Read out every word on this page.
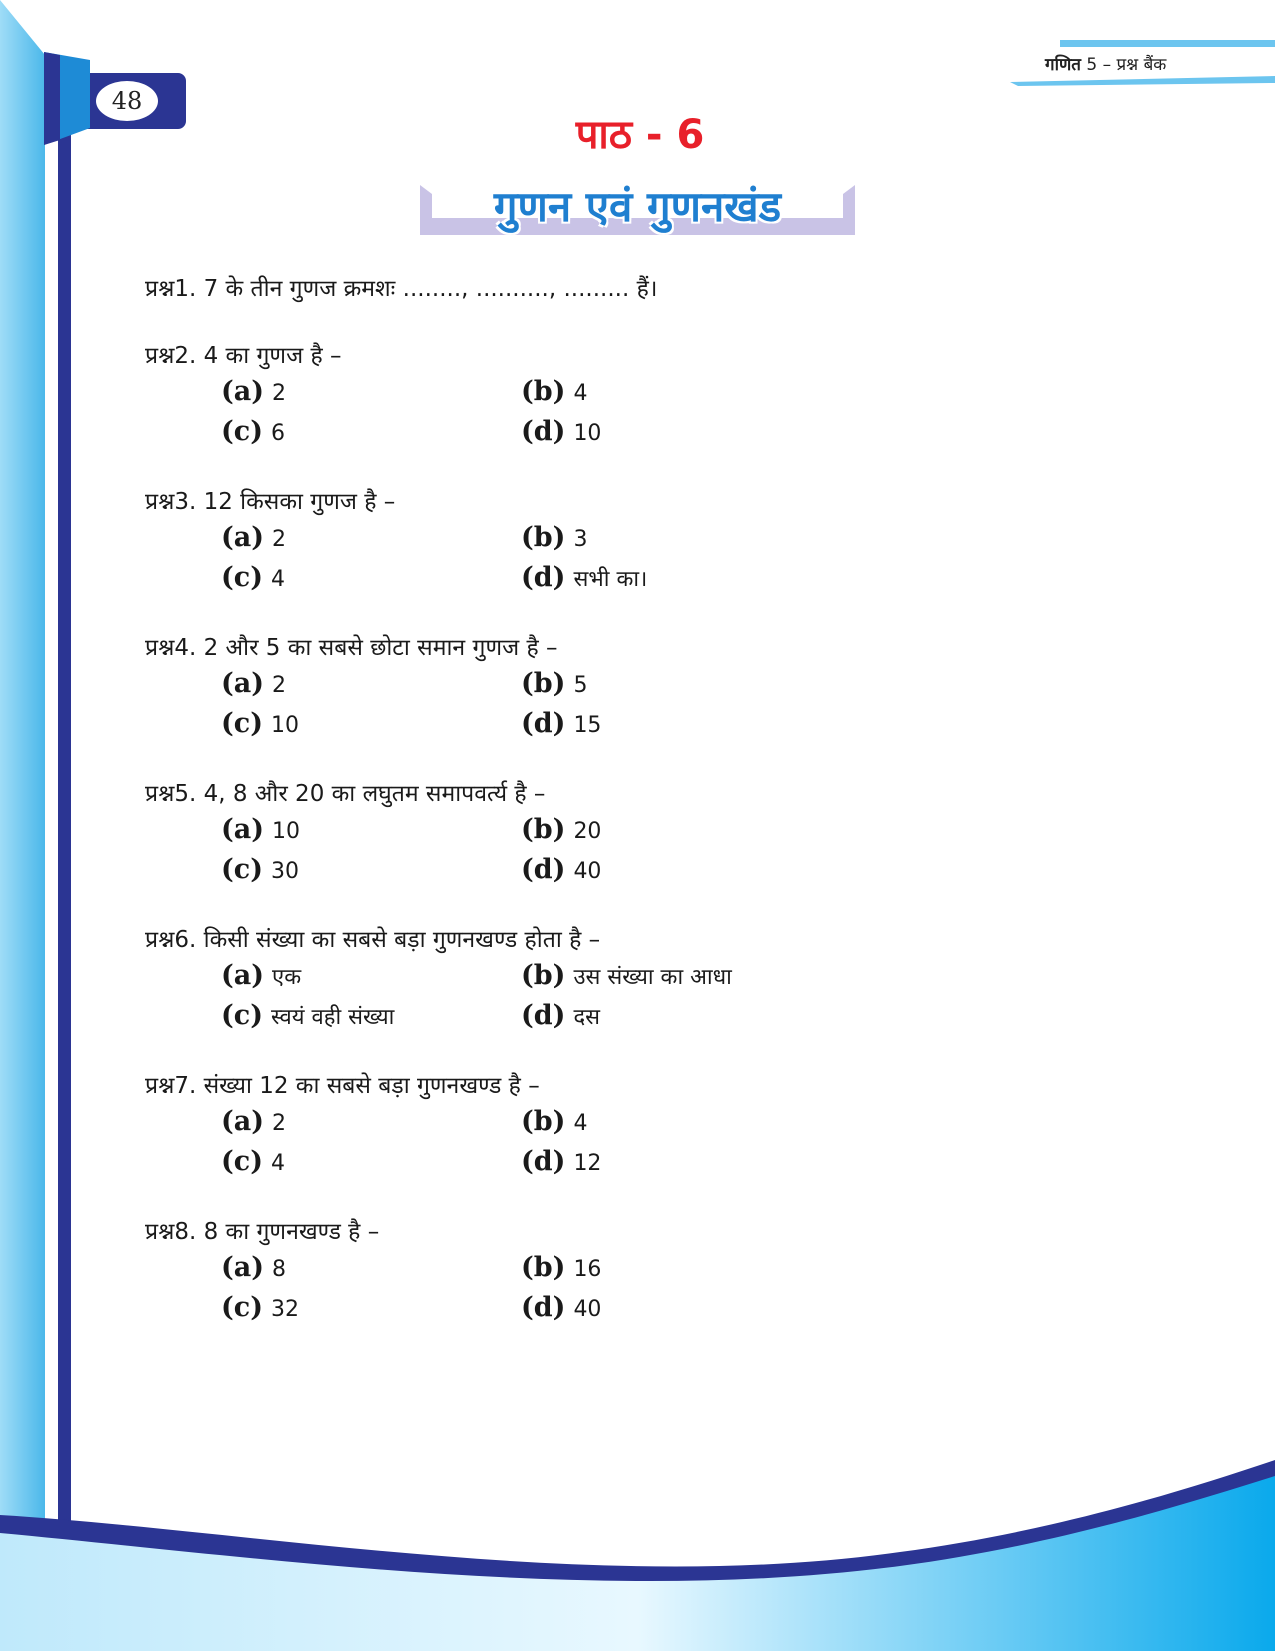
48
गणित 5 – प्रश्न बैंक
पाठ - 6
गुणन एवं गुणनखंड
प्रश्न1. 7 के तीन गुणज क्रमशः ........, .........., ......... हैं।
प्रश्न2. 4 का गुणज है –
(a) 2	(b) 4
(c) 6	(d) 10
प्रश्न3. 12 किसका गुणज है –
(a) 2	(b) 3
(c) 4	(d) सभी का।
प्रश्न4. 2 और 5 का सबसे छोटा समान गुणज है –
(a) 2	(b) 5
(c) 10	(d) 15
प्रश्न5. 4, 8 और 20 का लघुतम समापवर्त्य है –
(a) 10	(b) 20
(c) 30	(d) 40
प्रश्न6. किसी संख्या का सबसे बड़ा गुणनखण्ड होता है –
(a) एक	(b) उस संख्या का आधा
(c) स्वयं वही संख्या	(d) दस
प्रश्न7. संख्या 12 का सबसे बड़ा गुणनखण्ड है –
(a) 2	(b) 4
(c) 4	(d) 12
प्रश्न8. 8 का गुणनखण्ड है –
(a) 8	(b) 16
(c) 32	(d) 40
